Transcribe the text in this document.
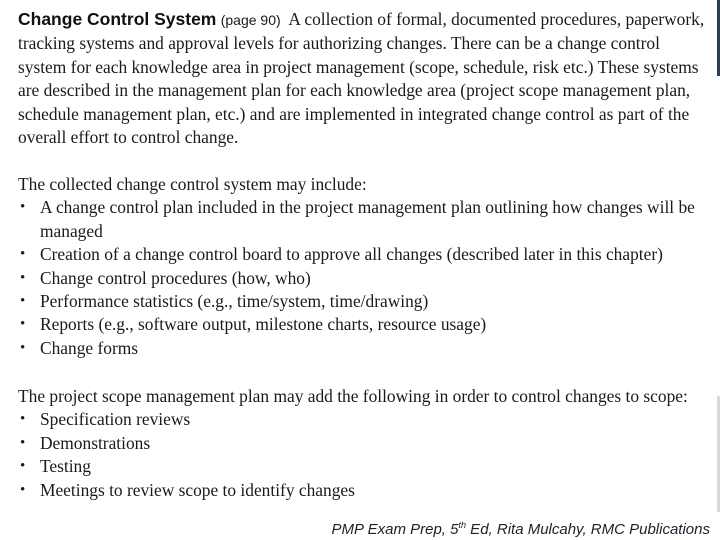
Change Control System (page 90) A collection of formal, documented procedures, paperwork, tracking systems and approval levels for authorizing changes. There can be a change control system for each knowledge area in project management (scope, schedule, risk etc.) These systems are described in the management plan for each knowledge area (project scope management plan, schedule management plan, etc.) and are implemented in integrated change control as part of the overall effort to control change.

The collected change control system may include:

• A change control plan included in the project management plan outlining how changes will be managed
• Creation of a change control board to approve all changes (described later in this chapter)
• Change control procedures (how, who)
• Performance statistics (e.g., time/system, time/drawing)
• Reports (e.g., software output, milestone charts, resource usage)
• Change forms

The project scope management plan may add the following in order to control changes to scope:

• Specification reviews
• Demonstrations
• Testing
• Meetings to review scope to identify changes
PMP Exam Prep, 5th Ed, Rita Mulcahy, RMC Publications
